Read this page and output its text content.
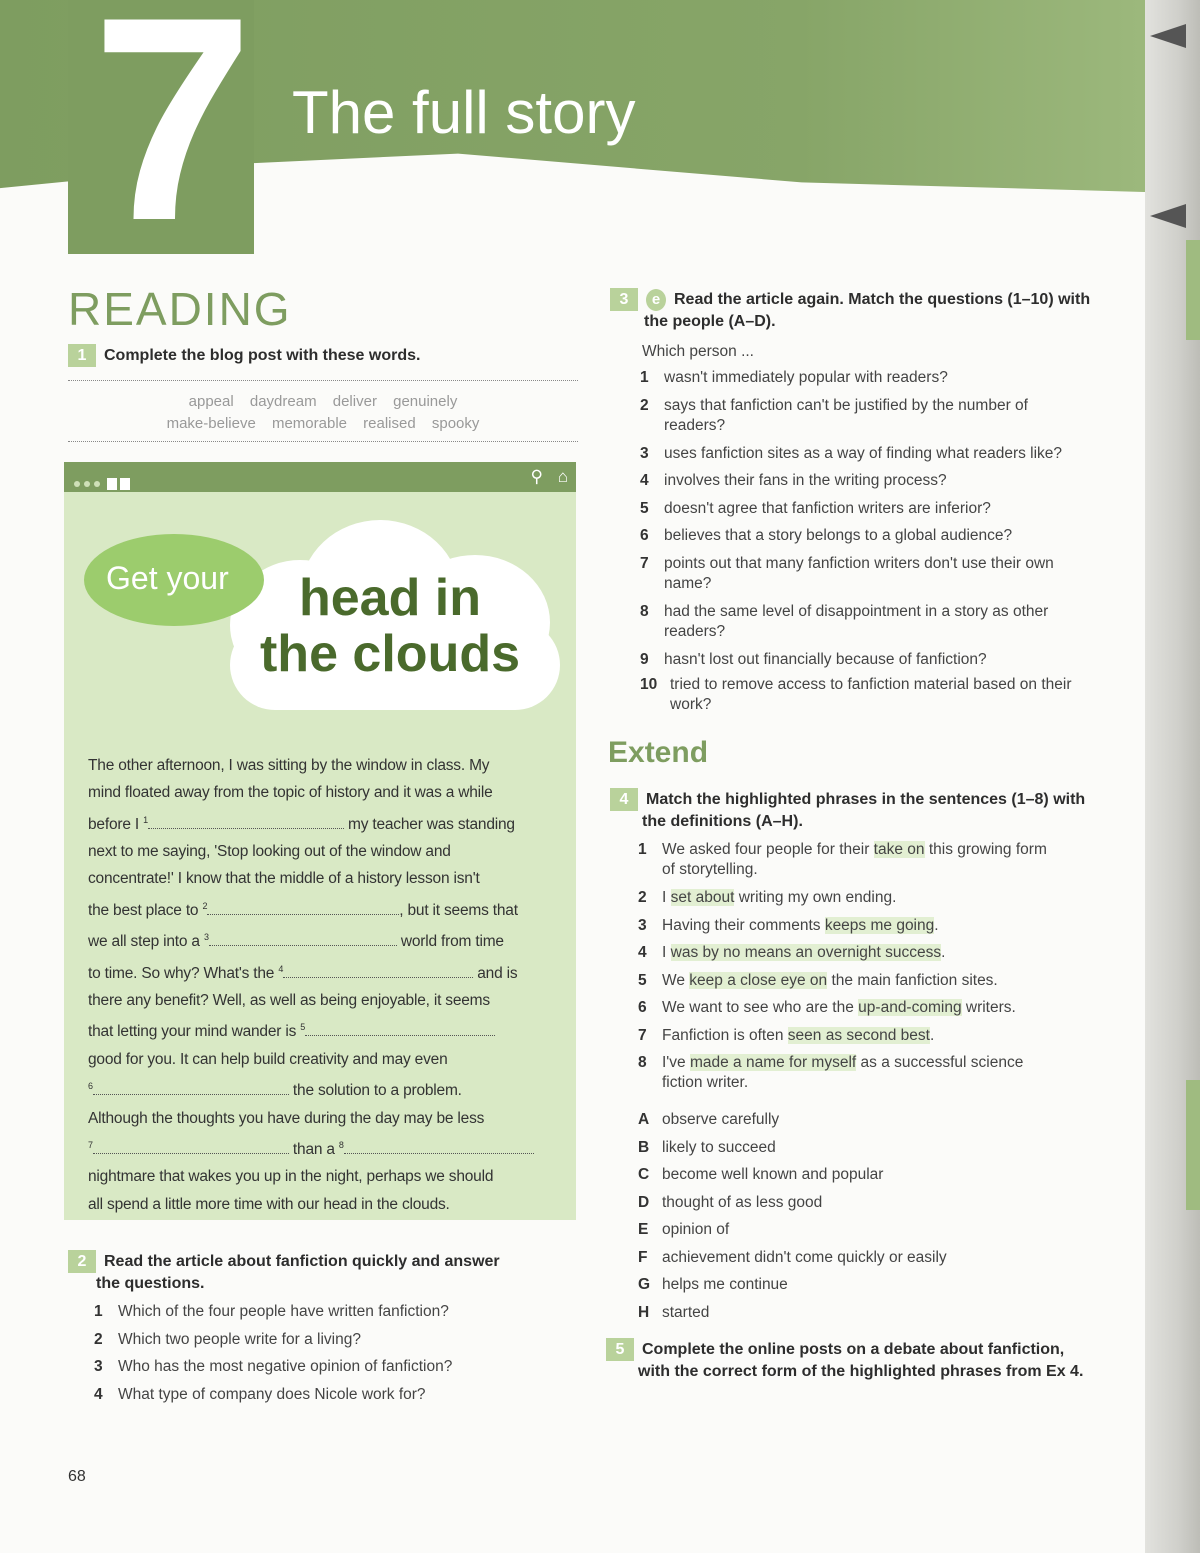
7 The full story
READING
1 Complete the blog post with these words.
appeal daydream deliver genuinely
make-believe memorable realised spooky
⚲ ⌂
Get your	head in
the clouds
The other afternoon, I was sitting by the window in class. My
mind floated away from the topic of history and it was a while
before I $^1$	my teacher was standing
next to me saying, 'Stop looking out of the window and
concentrate!' I know that the middle of a history lesson isn't
the best place to $^2$	, but it seems that
we all step into a $^3$	world from time
to time. So why? What's the $^4$	and is
there any benefit? Well, as well as being enjoyable, it seems
that letting your mind wander is $^5$
good for you. It can help build creativity and may even
$^6$	the solution to a problem.
Although the thoughts you have during the day may be less
$^7$	than a $^8$
nightmare that wakes you up in the night, perhaps we should
all spend a little more time with our head in the clouds.
2 Read the article about fanfiction quickly and answer
the questions.
1 Which of the four people have written fanfiction?
2 Which two people write for a living?
3 Who has the most negative opinion of fanfiction?
4 What type of company does Nicole work for?
3 e Read the article again. Match the questions (1–10) with
the people (A–D).
Which person ...
1 wasn't immediately popular with readers?
2 says that fanfiction can't be justified by the number of
readers?
3 uses fanfiction sites as a way of finding what readers like?
4 involves their fans in the writing process?
5 doesn't agree that fanfiction writers are inferior?
6 believes that a story belongs to a global audience?
7 points out that many fanfiction writers don't use their own
name?
8 had the same level of disappointment in a story as other
readers?
9 hasn't lost out financially because of fanfiction?
10 tried to remove access to fanfiction material based on their
work?
Extend
4 Match the highlighted phrases in the sentences (1–8) with
the definitions (A–H).
1 We asked four people for their take on this growing form
of storytelling.
2 I set about writing my own ending.
3 Having their comments keeps me going.
4 I was by no means an overnight success.
5 We keep a close eye on the main fanfiction sites.
6 We want to see who are the up-and-coming writers.
7 Fanfiction is often seen as second best.
8 I've made a name for myself as a successful science
fiction writer.
A observe carefully
B likely to succeed
C become well known and popular
D thought of as less good
E opinion of
F achievement didn't come quickly or easily
G helps me continue
H started
5 Complete the online posts on a debate about fanfiction,
with the correct form of the highlighted phrases from Ex 4.
68
